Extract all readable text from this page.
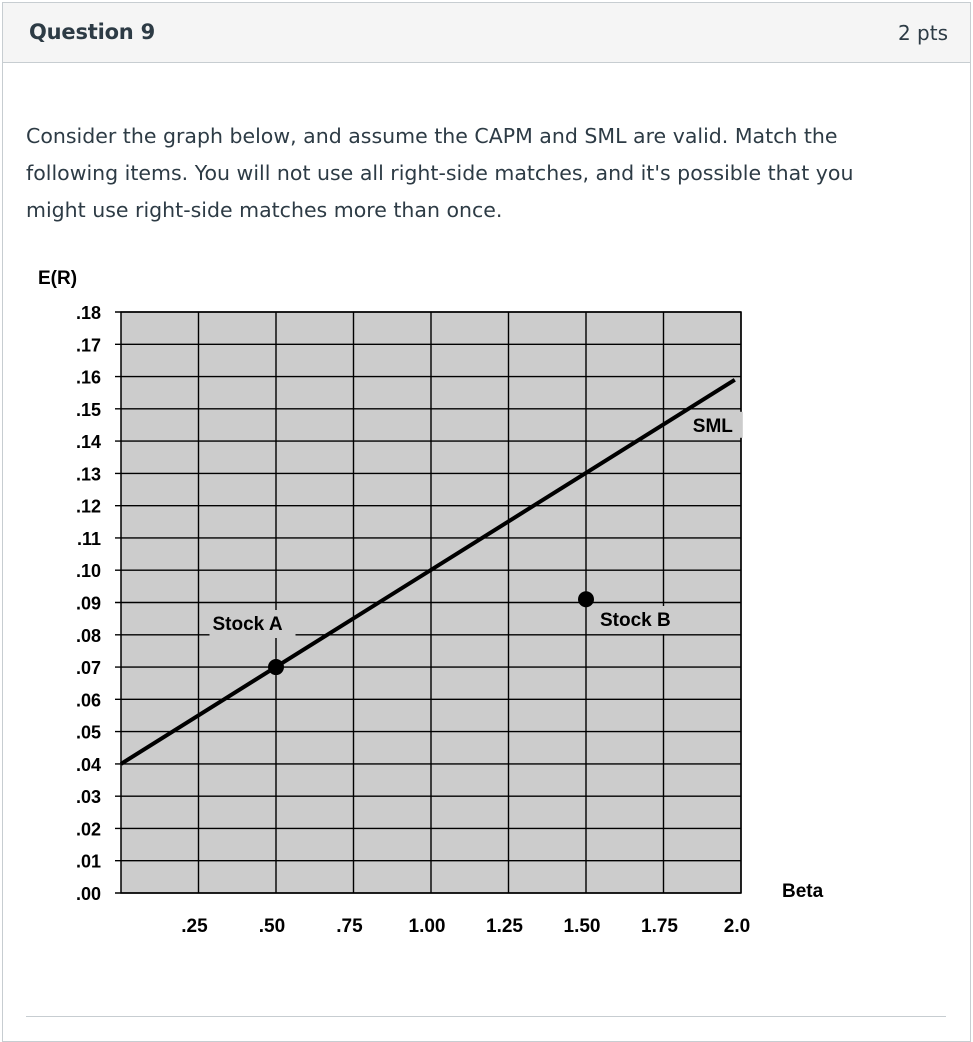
Question 9	2 pts
Consider the graph below, and assume the CAPM and SML are valid. Match the following items. You will not use all right-side matches, and it's possible that you might use right-side matches more than once.
.18
.17
.16
.15
.14
.13
.12
.11
.10
.09
.08
.07
.06
.05
.04
.03
.02
.01
.00
.25	.50	.75 1.00 1.25 1.50 1.75 2.0
E(R)
Beta
SML
Stock A	Stock B
